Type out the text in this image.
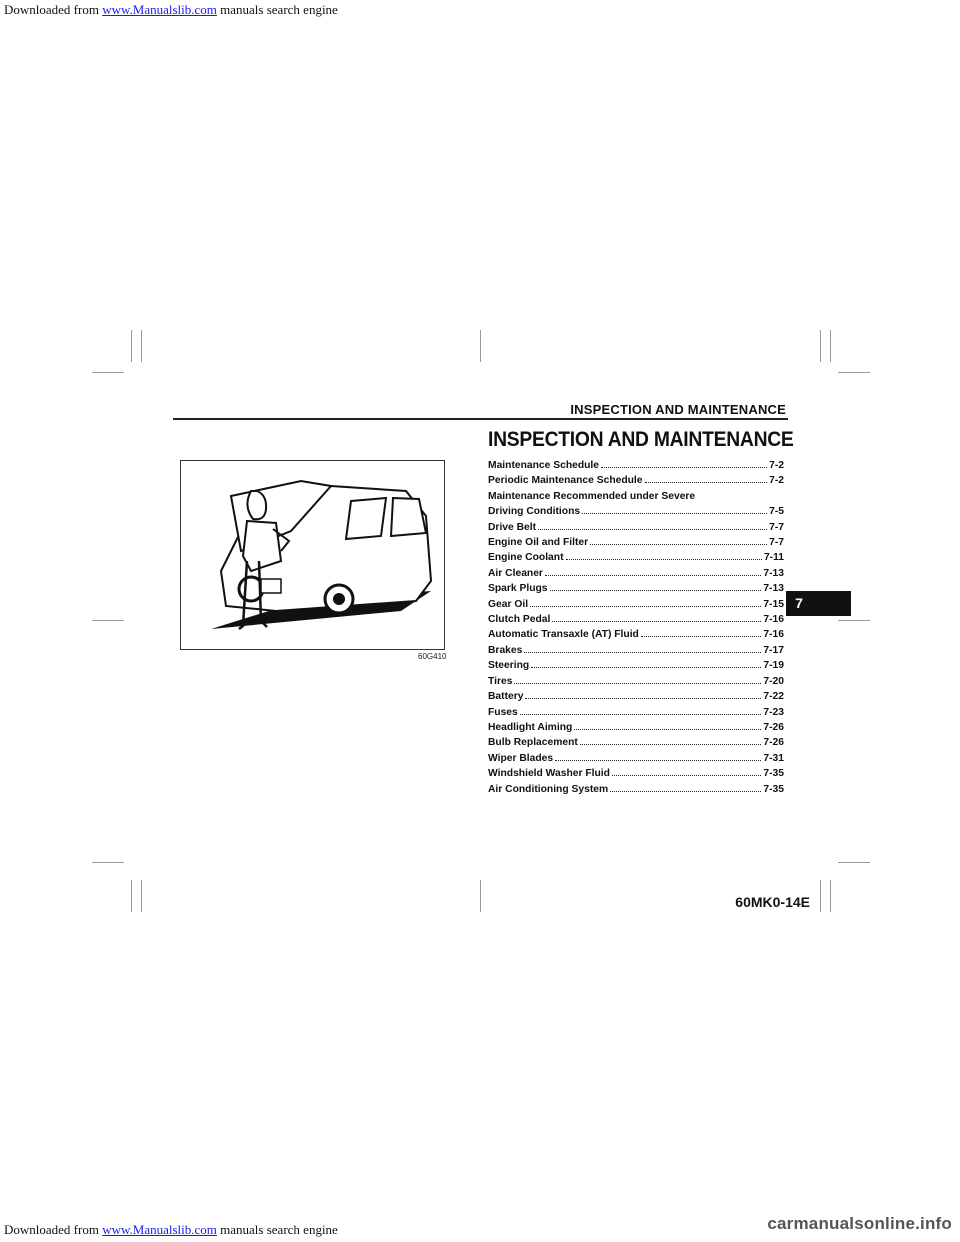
Downloaded from www.Manualslib.com manuals search engine
INSPECTION AND MAINTENANCE
60G410
INSPECTION AND MAINTENANCE
Maintenance Schedule	7-2
Periodic Maintenance Schedule	7-2
Maintenance Recommended under Severe
Driving Conditions	7-5
Drive Belt	7-7
Engine Oil and Filter	7-7
Engine Coolant	7-11
Air Cleaner	7-13
Spark Plugs	7-13
Gear Oil	7-15
Clutch Pedal	7-16
Automatic Transaxle (AT) Fluid	7-16
Brakes	7-17
Steering	7-19
Tires	7-20
Battery	7-22
Fuses	7-23
Headlight Aiming	7-26
Bulb Replacement	7-26
Wiper Blades	7-31
Windshield Washer Fluid	7-35
Air Conditioning System	7-35
7
60MK0-14E
Downloaded from www.Manualslib.com manuals search engine	carmanualsonline.info
